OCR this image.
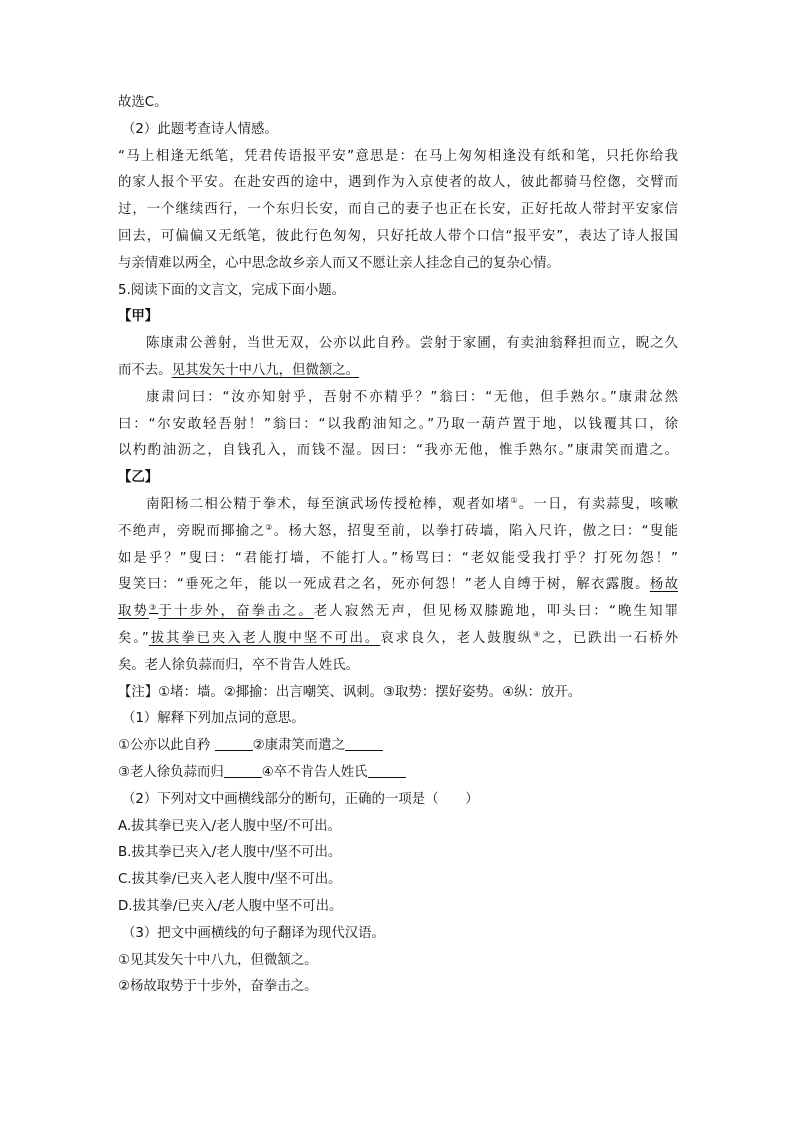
故选C。
（2）此题考查诗人情感。
“马上相逢无纸笔，凭君传语报平安”意思是：在马上匆匆相逢没有纸和笔，只托你给我
的家人报个平安。在赴安西的途中，遇到作为入京使者的故人，彼此都骑马倥偬，交臂而
过，一个继续西行，一个东归长安，而自己的妻子也正在长安，正好托故人带封平安家信
回去，可偏偏又无纸笔，彼此行色匆匆，只好托故人带个口信“报平安”，表达了诗人报国
与亲情难以两全，心中思念故乡亲人而又不愿让亲人挂念自己的复杂心情。
5.阅读下面的文言文，完成下面小题。
【甲】
陈康肃公善射，当世无双，公亦以此自矜。尝射于家圃，有卖油翁释担而立，睨之久
而不去。见其发矢十中八九，但微颔之。
康肃问曰：“汝亦知射乎，吾射不亦精乎？”翁曰：“无他，但手熟尔。”康肃忿然
曰：“尔安敢轻吾射！”翁曰：“以我酌油知之。”乃取一葫芦置于地，以钱覆其口，徐
以杓酌油沥之，自钱孔入，而钱不湿。因曰：“我亦无他，惟手熟尔。”康肃笑而遣之。
【乙】
南阳杨二相公精于拳术，每至演武场传授枪棒，观者如堵①。一日，有卖蒜叟，咳嗽
不绝声，旁睨而揶揄之②。杨大怒，招叟至前，以拳打砖墙，陷入尺许，傲之曰：“叟能
如是乎？”叟曰：“君能打墙，不能打人。”杨骂曰：“老奴能受我打乎？打死勿怨！”
叟笑曰：“垂死之年，能以一死成君之名，死亦何怨！”老人自缚于树，解衣露腹。杨故
取势③于十步外，奋拳击之。老人寂然无声，但见杨双膝跪地，叩头曰：“晚生知罪
矣。”拔其拳已夹入老人腹中坚不可出。哀求良久，老人鼓腹纵④之，已跌出一石桥外
矣。老人徐负蒜而归，卒不肯告人姓氏。
【注】①堵：墙。②揶揄：出言嘲笑、讽刺。③取势：摆好姿势。④纵：放开。
（1）解释下列加点词的意思。
①公亦以此自矜	②康肃笑而遣之
③老人徐负蒜而归	④卒不肯告人姓氏
（2）下列对文中画横线部分的断句，正确的一项是（　　）
A.拔其拳已夹入/老人腹中坚/不可出。
B.拔其拳已夹入/老人腹中/坚不可出。
C.拔其拳/已夹入老人腹中/坚不可出。
D.拔其拳/已夹入/老人腹中坚不可出。
（3）把文中画横线的句子翻译为现代汉语。
①见其发矢十中八九，但微颔之。
②杨故取势于十步外，奋拳击之。
